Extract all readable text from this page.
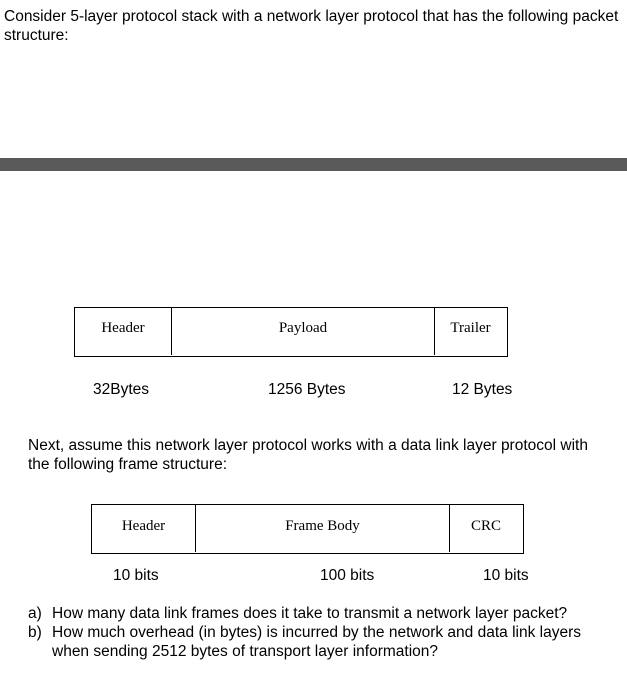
Consider 5-layer protocol stack with a network layer protocol that has the following packet structure:
Header	Payload	Trailer
32Bytes	1256 Bytes	12 Bytes
Next, assume this network layer protocol works with a data link layer protocol with the following frame structure:
Header	Frame Body	CRC
10 bits	100 bits	10 bits
a) How many data link frames does it take to transmit a network layer packet?
b) How much overhead (in bytes) is incurred by the network and data link layers when sending 2512 bytes of transport layer information?
